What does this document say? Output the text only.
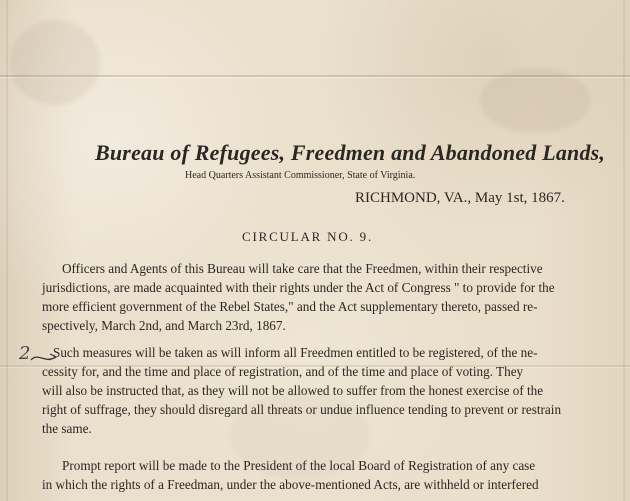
Bureau of Refugees, Freedmen and Abandoned Lands,
Head Quarters Assistant Commissioner, State of Virginia.
RICHMOND, VA., May 1st, 1867.
CIRCULAR NO. 9.
Officers and Agents of this Bureau will take care that the Freedmen, within their respective
jurisdictions, are made acquainted with their rights under the Act of Congress " to provide for the
more efficient government of the Rebel States," and the Act supplementary thereto, passed re-
spectively, March 2nd, and March 23rd, 1867.
2	Such measures will be taken as will inform all Freedmen entitled to be registered, of the ne-
cessity for, and the time and place of registration, and of the time and place of voting. They
will also be instructed that, as they will not be allowed to suffer from the honest exercise of the
right of suffrage, they should disregard all threats or undue influence tending to prevent or restrain
the same.
Prompt report will be made to the President of the local Board of Registration of any case
in which the rights of a Freedman, under the above-mentioned Acts, are withheld or interfered
